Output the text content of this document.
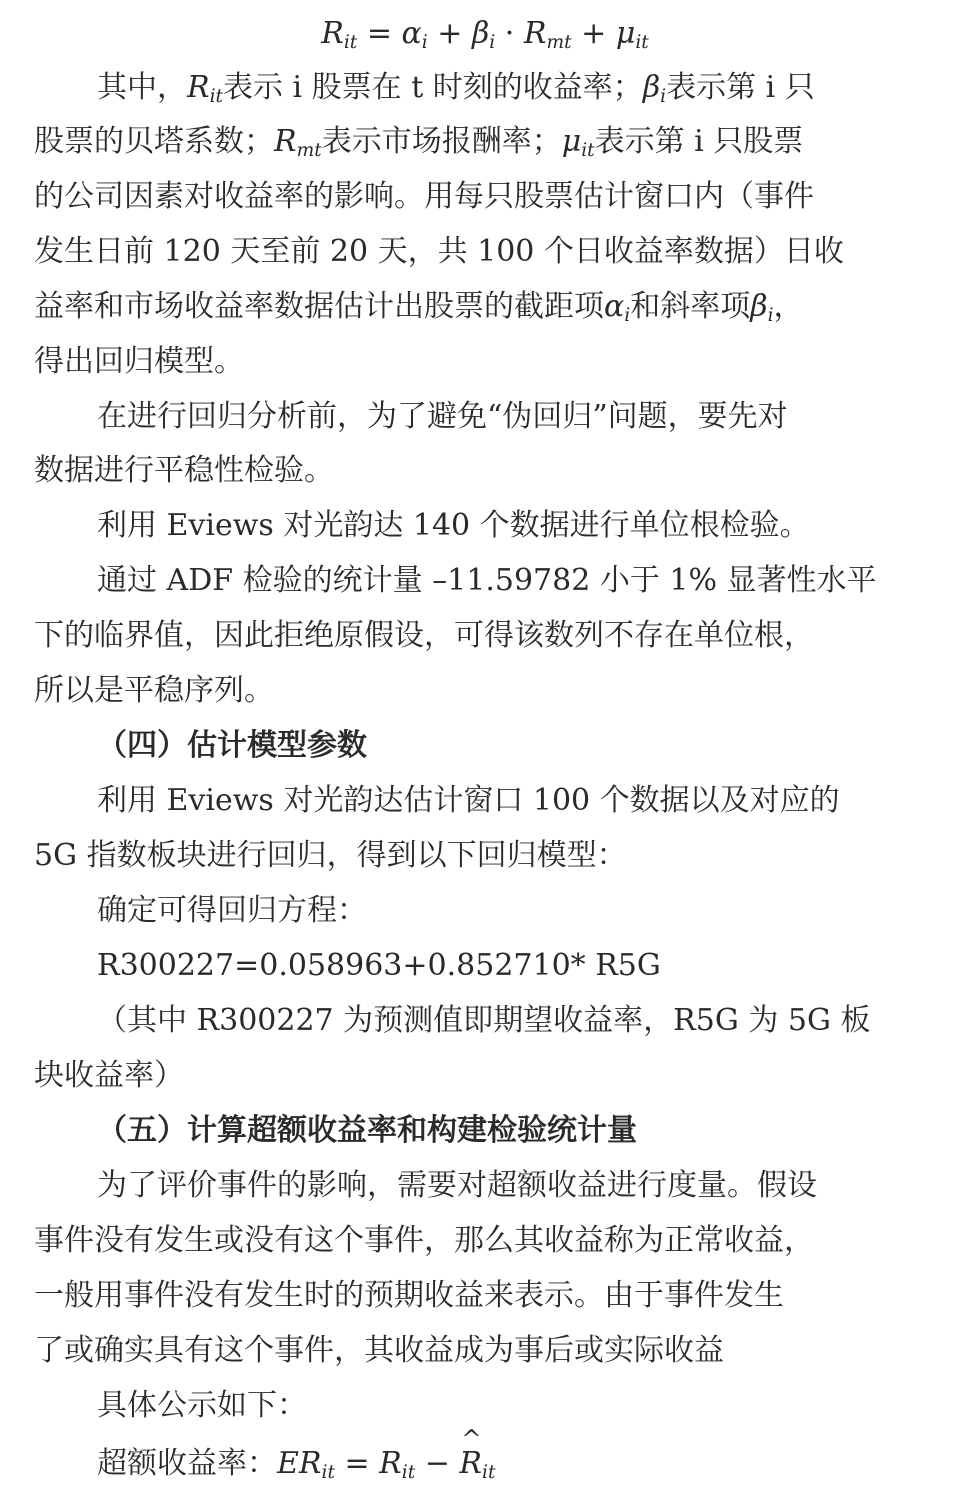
$R_{it} = \alpha_i + \beta_i \cdot R_{mt} + \mu_{it}$
其中，$R_{it}$表示 i 股票在 t 时刻的收益率；$\beta_i$表示第 i 只
股票的贝塔系数；$R_{mt}$表示市场报酬率；$\mu_{it}$表示第 i 只股票
的公司因素对收益率的影响。用每只股票估计窗口内（事件
发生日前 120 天至前 20 天，共 100 个日收益率数据）日收
益率和市场收益率数据估计出股票的截距项$\alpha_i$和斜率项$\beta_i$，
得出回归模型。
在进行回归分析前，为了避免“伪回归”问题，要先对
数据进行平稳性检验。
利用 Eviews 对光韵达 140 个数据进行单位根检验。
通过 ADF 检验的统计量 –11.59782 小于 1% 显著性水平
下的临界值，因此拒绝原假设，可得该数列不存在单位根，
所以是平稳序列。
（四）估计模型参数
利用 Eviews 对光韵达估计窗口 100 个数据以及对应的
5G 指数板块进行回归，得到以下回归模型：
确定可得回归方程：
R300227=0.058963+0.852710* R5G
（其中 R300227 为预测值即期望收益率，R5G 为 5G 板
块收益率）
（五）计算超额收益率和构建检验统计量
为了评价事件的影响，需要对超额收益进行度量。假设
事件没有发生或没有这个事件，那么其收益称为正常收益，
一般用事件没有发生时的预期收益来表示。由于事件发生
了或确实具有这个事件，其收益成为事后或实际收益
具体公示如下：
超额收益率：$ER_{it} = R_{it}$ − ^ $R_{it}$
